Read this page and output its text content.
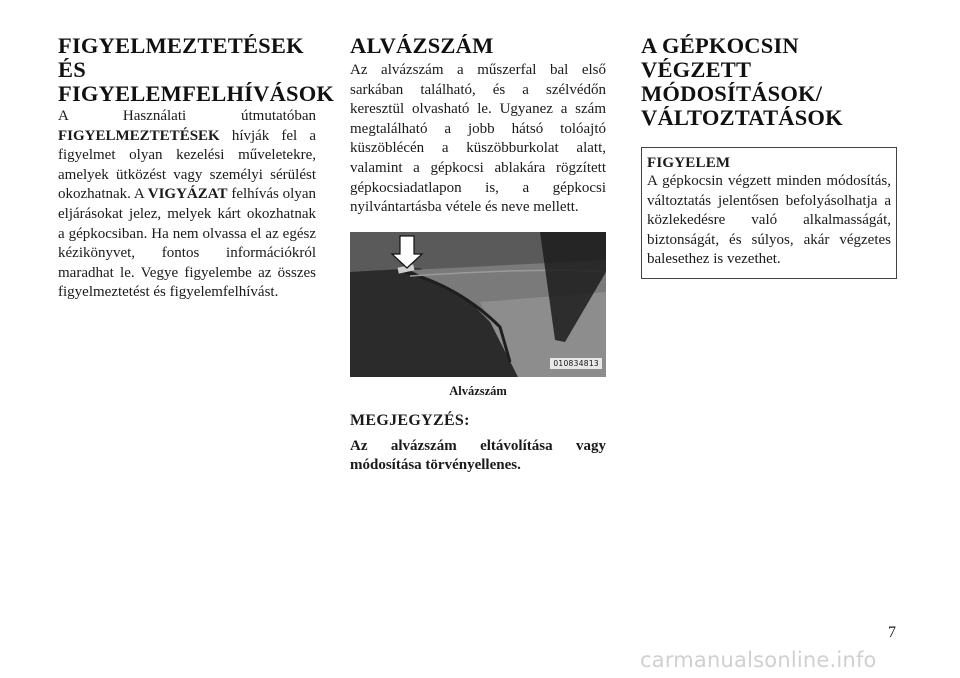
FIGYELMEZTETÉSEK
ÉS
FIGYELEMFELHÍVÁSOK

A Használati útmutatóban FIGYELMEZTETÉSEK hívják fel a figyelmet olyan kezelési műveletekre, amelyek ütközést vagy személyi sérülést okozhatnak. A VIGYÁZAT felhívás olyan eljárásokat jelez, melyek kárt okozhatnak a gépkocsiban. Ha nem olvassa el az egész kézikönyvet, fontos információkról maradhat le. Vegye figyelembe az összes figyelmeztetést és figyelemfelhívást.

ALVÁZSZÁM

Az alvázszám a műszerfal bal első sarkában található, és a szélvédőn keresztül olvasható le. Ugyanez a szám megtalálható a jobb hátsó tolóajtó küszöblécén a küszöbburkolat alatt, valamint a gépkocsi ablakára rögzített gépkocsiadatlapon is, a gépkocsi nyilvántartásba vétele és neve mellett.

010834813
Alvázszám
MEGJEGYZÉS:
Az alvázszám eltávolítása vagy módosítása törvényellenes.
A GÉPKOCSIN
VÉGZETT
MÓDOSÍTÁSOK/
VÁLTOZTATÁSOK
FIGYELEM
A gépkocsin végzett minden módosítás, változtatás jelentősen befolyásolhatja a közlekedésre való alkalmasságát, biztonságát, és súlyos, akár végzetes balesethez is vezethet.
7
carmanualsonline.info
